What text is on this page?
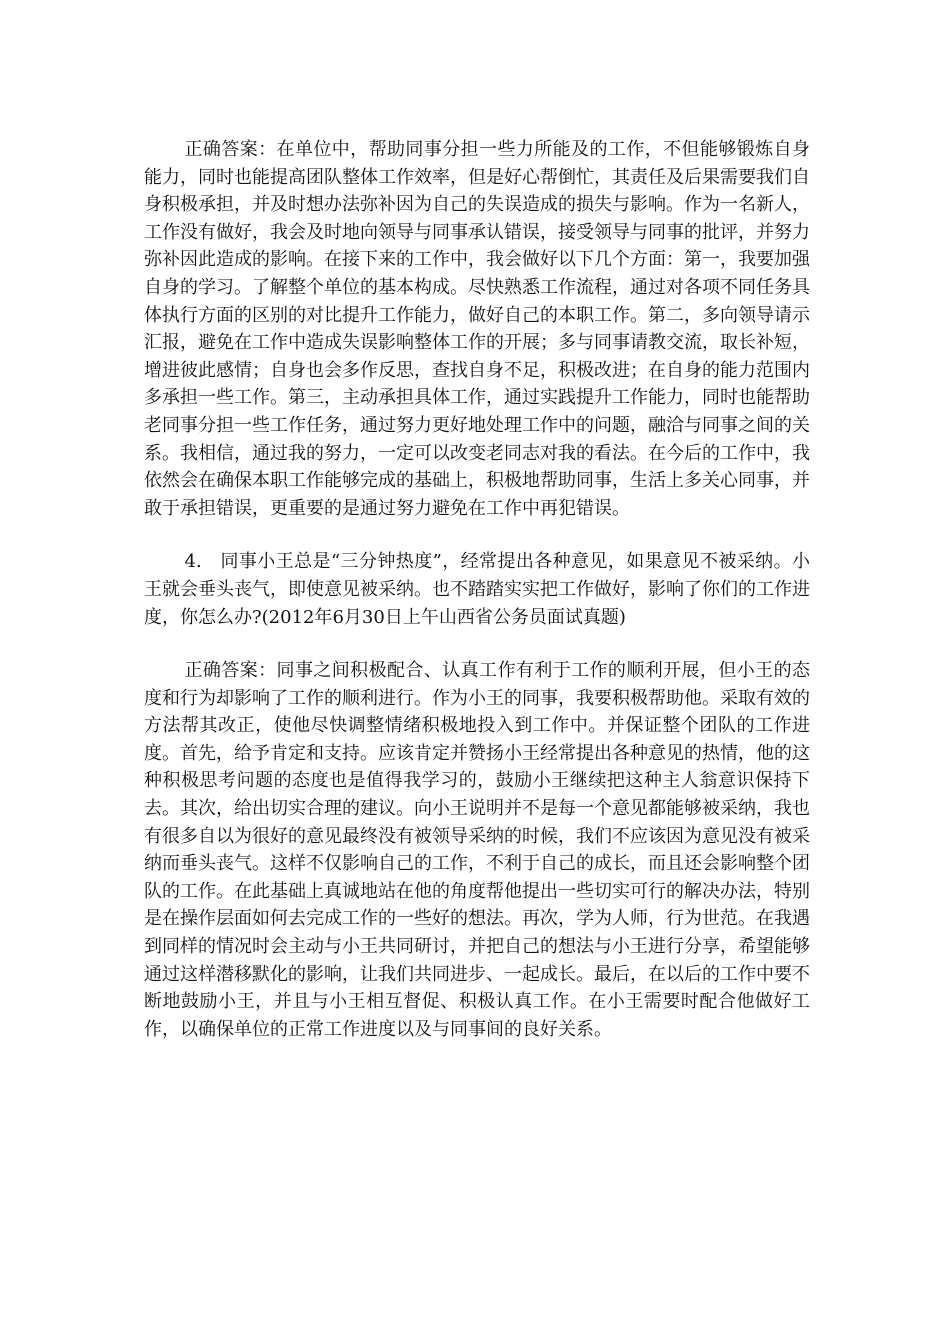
正确答案：在单位中，帮助同事分担一些力所能及的工作，不但能够锻炼自身能力，同时也能提高团队整体工作效率，但是好心帮倒忙，其责任及后果需要我们自身积极承担，并及时想办法弥补因为自己的失误造成的损失与影响。作为一名新人，工作没有做好，我会及时地向领导与同事承认错误，接受领导与同事的批评，并努力弥补因此造成的影响。在接下来的工作中，我会做好以下几个方面：第一，我要加强自身的学习。了解整个单位的基本构成。尽快熟悉工作流程，通过对各项不同任务具体执行方面的区别的对比提升工作能力，做好自己的本职工作。第二，多向领导请示汇报，避免在工作中造成失误影响整体工作的开展；多与同事请教交流，取长补短，增进彼此感情；自身也会多作反思，查找自身不足，积极改进；在自身的能力范围内多承担一些工作。第三，主动承担具体工作，通过实践提升工作能力，同时也能帮助老同事分担一些工作任务，通过努力更好地处理工作中的问题，融洽与同事之间的关系。我相信，通过我的努力，一定可以改变老同志对我的看法。在今后的工作中，我依然会在确保本职工作能够完成的基础上，积极地帮助同事，生活上多关心同事，并敢于承担错误，更重要的是通过努力避免在工作中再犯错误。

4.　同事小王总是“三分钟热度”，经常提出各种意见，如果意见不被采纳。小王就会垂头丧气，即使意见被采纳。也不踏踏实实把工作做好，影响了你们的工作进度，你怎么办?(2012年6月30日上午山西省公务员面试真题)

正确答案：同事之间积极配合、认真工作有利于工作的顺利开展，但小王的态度和行为却影响了工作的顺利进行。作为小王的同事，我要积极帮助他。采取有效的方法帮其改正，使他尽快调整情绪积极地投入到工作中。并保证整个团队的工作进度。首先，给予肯定和支持。应该肯定并赞扬小王经常提出各种意见的热情，他的这种积极思考问题的态度也是值得我学习的，鼓励小王继续把这种主人翁意识保持下去。其次，给出切实合理的建议。向小王说明并不是每一个意见都能够被采纳，我也有很多自以为很好的意见最终没有被领导采纳的时候，我们不应该因为意见没有被采纳而垂头丧气。这样不仅影响自己的工作，不利于自己的成长，而且还会影响整个团队的工作。在此基础上真诚地站在他的角度帮他提出一些切实可行的解决办法，特别是在操作层面如何去完成工作的一些好的想法。再次，学为人师，行为世范。在我遇到同样的情况时会主动与小王共同研讨，并把自己的想法与小王进行分享，希望能够通过这样潜移默化的影响，让我们共同进步、一起成长。最后，在以后的工作中要不断地鼓励小王，并且与小王相互督促、积极认真工作。在小王需要时配合他做好工作，以确保单位的正常工作进度以及与同事间的良好关系。
